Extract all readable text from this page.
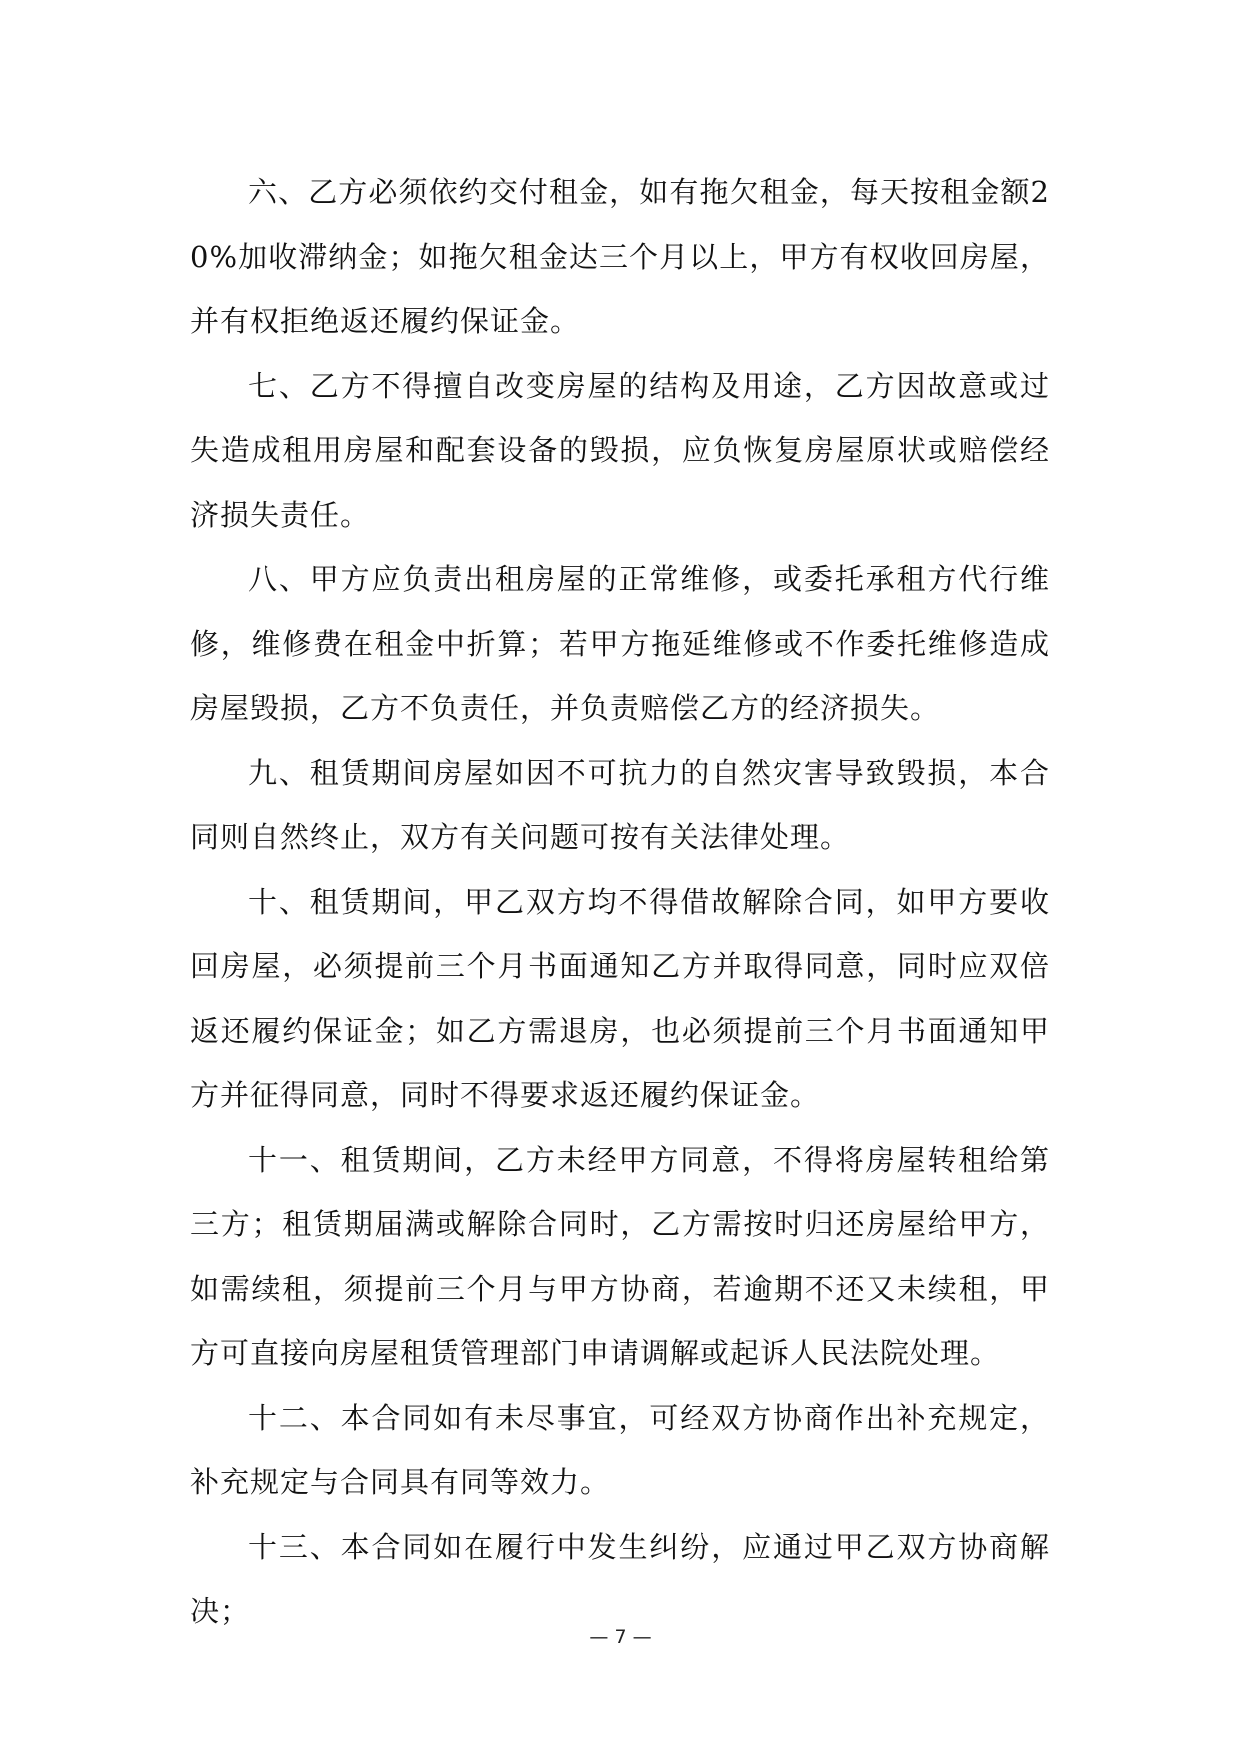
六、乙方必须依约交付租金，如有拖欠租金，每天按租金额20%加收滞纳金；如拖欠租金达三个月以上，甲方有权收回房屋，并有权拒绝返还履约保证金。

七、乙方不得擅自改变房屋的结构及用途，乙方因故意或过失造成租用房屋和配套设备的毁损，应负恢复房屋原状或赔偿经济损失责任。

八、甲方应负责出租房屋的正常维修，或委托承租方代行维修，维修费在租金中折算；若甲方拖延维修或不作委托维修造成房屋毁损，乙方不负责任，并负责赔偿乙方的经济损失。

九、租赁期间房屋如因不可抗力的自然灾害导致毁损，本合同则自然终止，双方有关问题可按有关法律处理。

十、租赁期间，甲乙双方均不得借故解除合同，如甲方要收回房屋，必须提前三个月书面通知乙方并取得同意，同时应双倍返还履约保证金；如乙方需退房，也必须提前三个月书面通知甲方并征得同意，同时不得要求返还履约保证金。

十一、租赁期间，乙方未经甲方同意，不得将房屋转租给第三方；租赁期届满或解除合同时，乙方需按时归还房屋给甲方，如需续租，须提前三个月与甲方协商，若逾期不还又未续租，甲方可直接向房屋租赁管理部门申请调解或起诉人民法院处理。

十二、本合同如有未尽事宜，可经双方协商作出补充规定，补充规定与合同具有同等效力。

十三、本合同如在履行中发生纠纷，应通过甲乙双方协商解决；

— 7 —
